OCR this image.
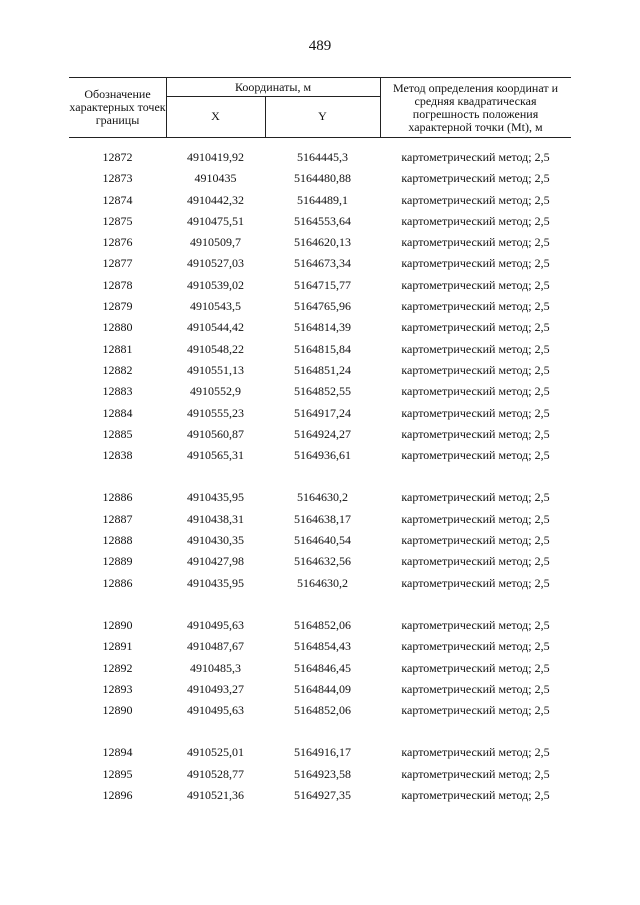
489
Обозначение характерных точек границы
Координаты, м
X	Y
Метод определения координат и средняя квадратическая погрешность положения характерной точки (Mt), м
12872	4910419,92	5164445,3	картометрический метод; 2,5
12873	4910435	5164480,88	картометрический метод; 2,5
12874	4910442,32	5164489,1	картометрический метод; 2,5
12875	4910475,51	5164553,64	картометрический метод; 2,5
12876	4910509,7	5164620,13	картометрический метод; 2,5
12877	4910527,03	5164673,34	картометрический метод; 2,5
12878	4910539,02	5164715,77	картометрический метод; 2,5
12879	4910543,5	5164765,96	картометрический метод; 2,5
12880	4910544,42	5164814,39	картометрический метод; 2,5
12881	4910548,22	5164815,84	картометрический метод; 2,5
12882	4910551,13	5164851,24	картометрический метод; 2,5
12883	4910552,9	5164852,55	картометрический метод; 2,5
12884	4910555,23	5164917,24	картометрический метод; 2,5
12885	4910560,87	5164924,27	картометрический метод; 2,5
12838	4910565,31	5164936,61	картометрический метод; 2,5
12886	4910435,95	5164630,2	картометрический метод; 2,5
12887	4910438,31	5164638,17	картометрический метод; 2,5
12888	4910430,35	5164640,54	картометрический метод; 2,5
12889	4910427,98	5164632,56	картометрический метод; 2,5
12886	4910435,95	5164630,2	картометрический метод; 2,5
12890	4910495,63	5164852,06	картометрический метод; 2,5
12891	4910487,67	5164854,43	картометрический метод; 2,5
12892	4910485,3	5164846,45	картометрический метод; 2,5
12893	4910493,27	5164844,09	картометрический метод; 2,5
12890	4910495,63	5164852,06	картометрический метод; 2,5
12894	4910525,01	5164916,17	картометрический метод; 2,5
12895	4910528,77	5164923,58	картометрический метод; 2,5
12896	4910521,36	5164927,35	картометрический метод; 2,5
